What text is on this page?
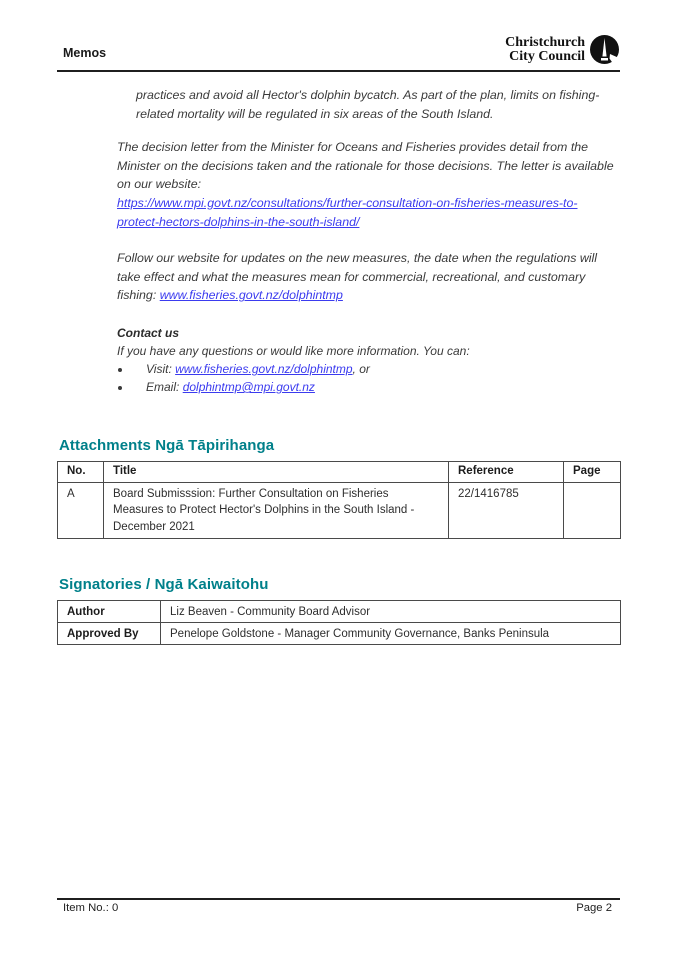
Memos
Christchurch
City Council

practices and avoid all Hector's dolphin bycatch. As part of the plan, limits on fishing-related mortality will be regulated in six areas of the South Island.

The decision letter from the Minister for Oceans and Fisheries provides detail from the Minister on the decisions taken and the rationale for those decisions. The letter is available on our website:
https://www.mpi.govt.nz/consultations/further-consultation-on-fisheries-measures-to-protect-hectors-dolphins-in-the-south-island/

Follow our website for updates on the new measures, the date when the regulations will take effect and what the measures mean for commercial, recreational, and customary fishing: www.fisheries.govt.nz/dolphintmp

Contact us
If you have any questions or would like more information. You can:
• Visit: www.fisheries.govt.nz/dolphintmp, or
• Email: dolphintmp@mpi.govt.nz
Attachments Ngā Tāpirihanga
No.	Title	Reference	Page
A	Board Submisssion: Further Consultation on Fisheries Measures to Protect Hector's Dolphins in the South Island - December 2021	22/1416785	
Signatories / Ngā Kaiwaitohu
Author	Liz Beaven - Community Board Advisor
Approved By	Penelope Goldstone - Manager Community Governance, Banks Peninsula
Item No.: 0	Page 2
